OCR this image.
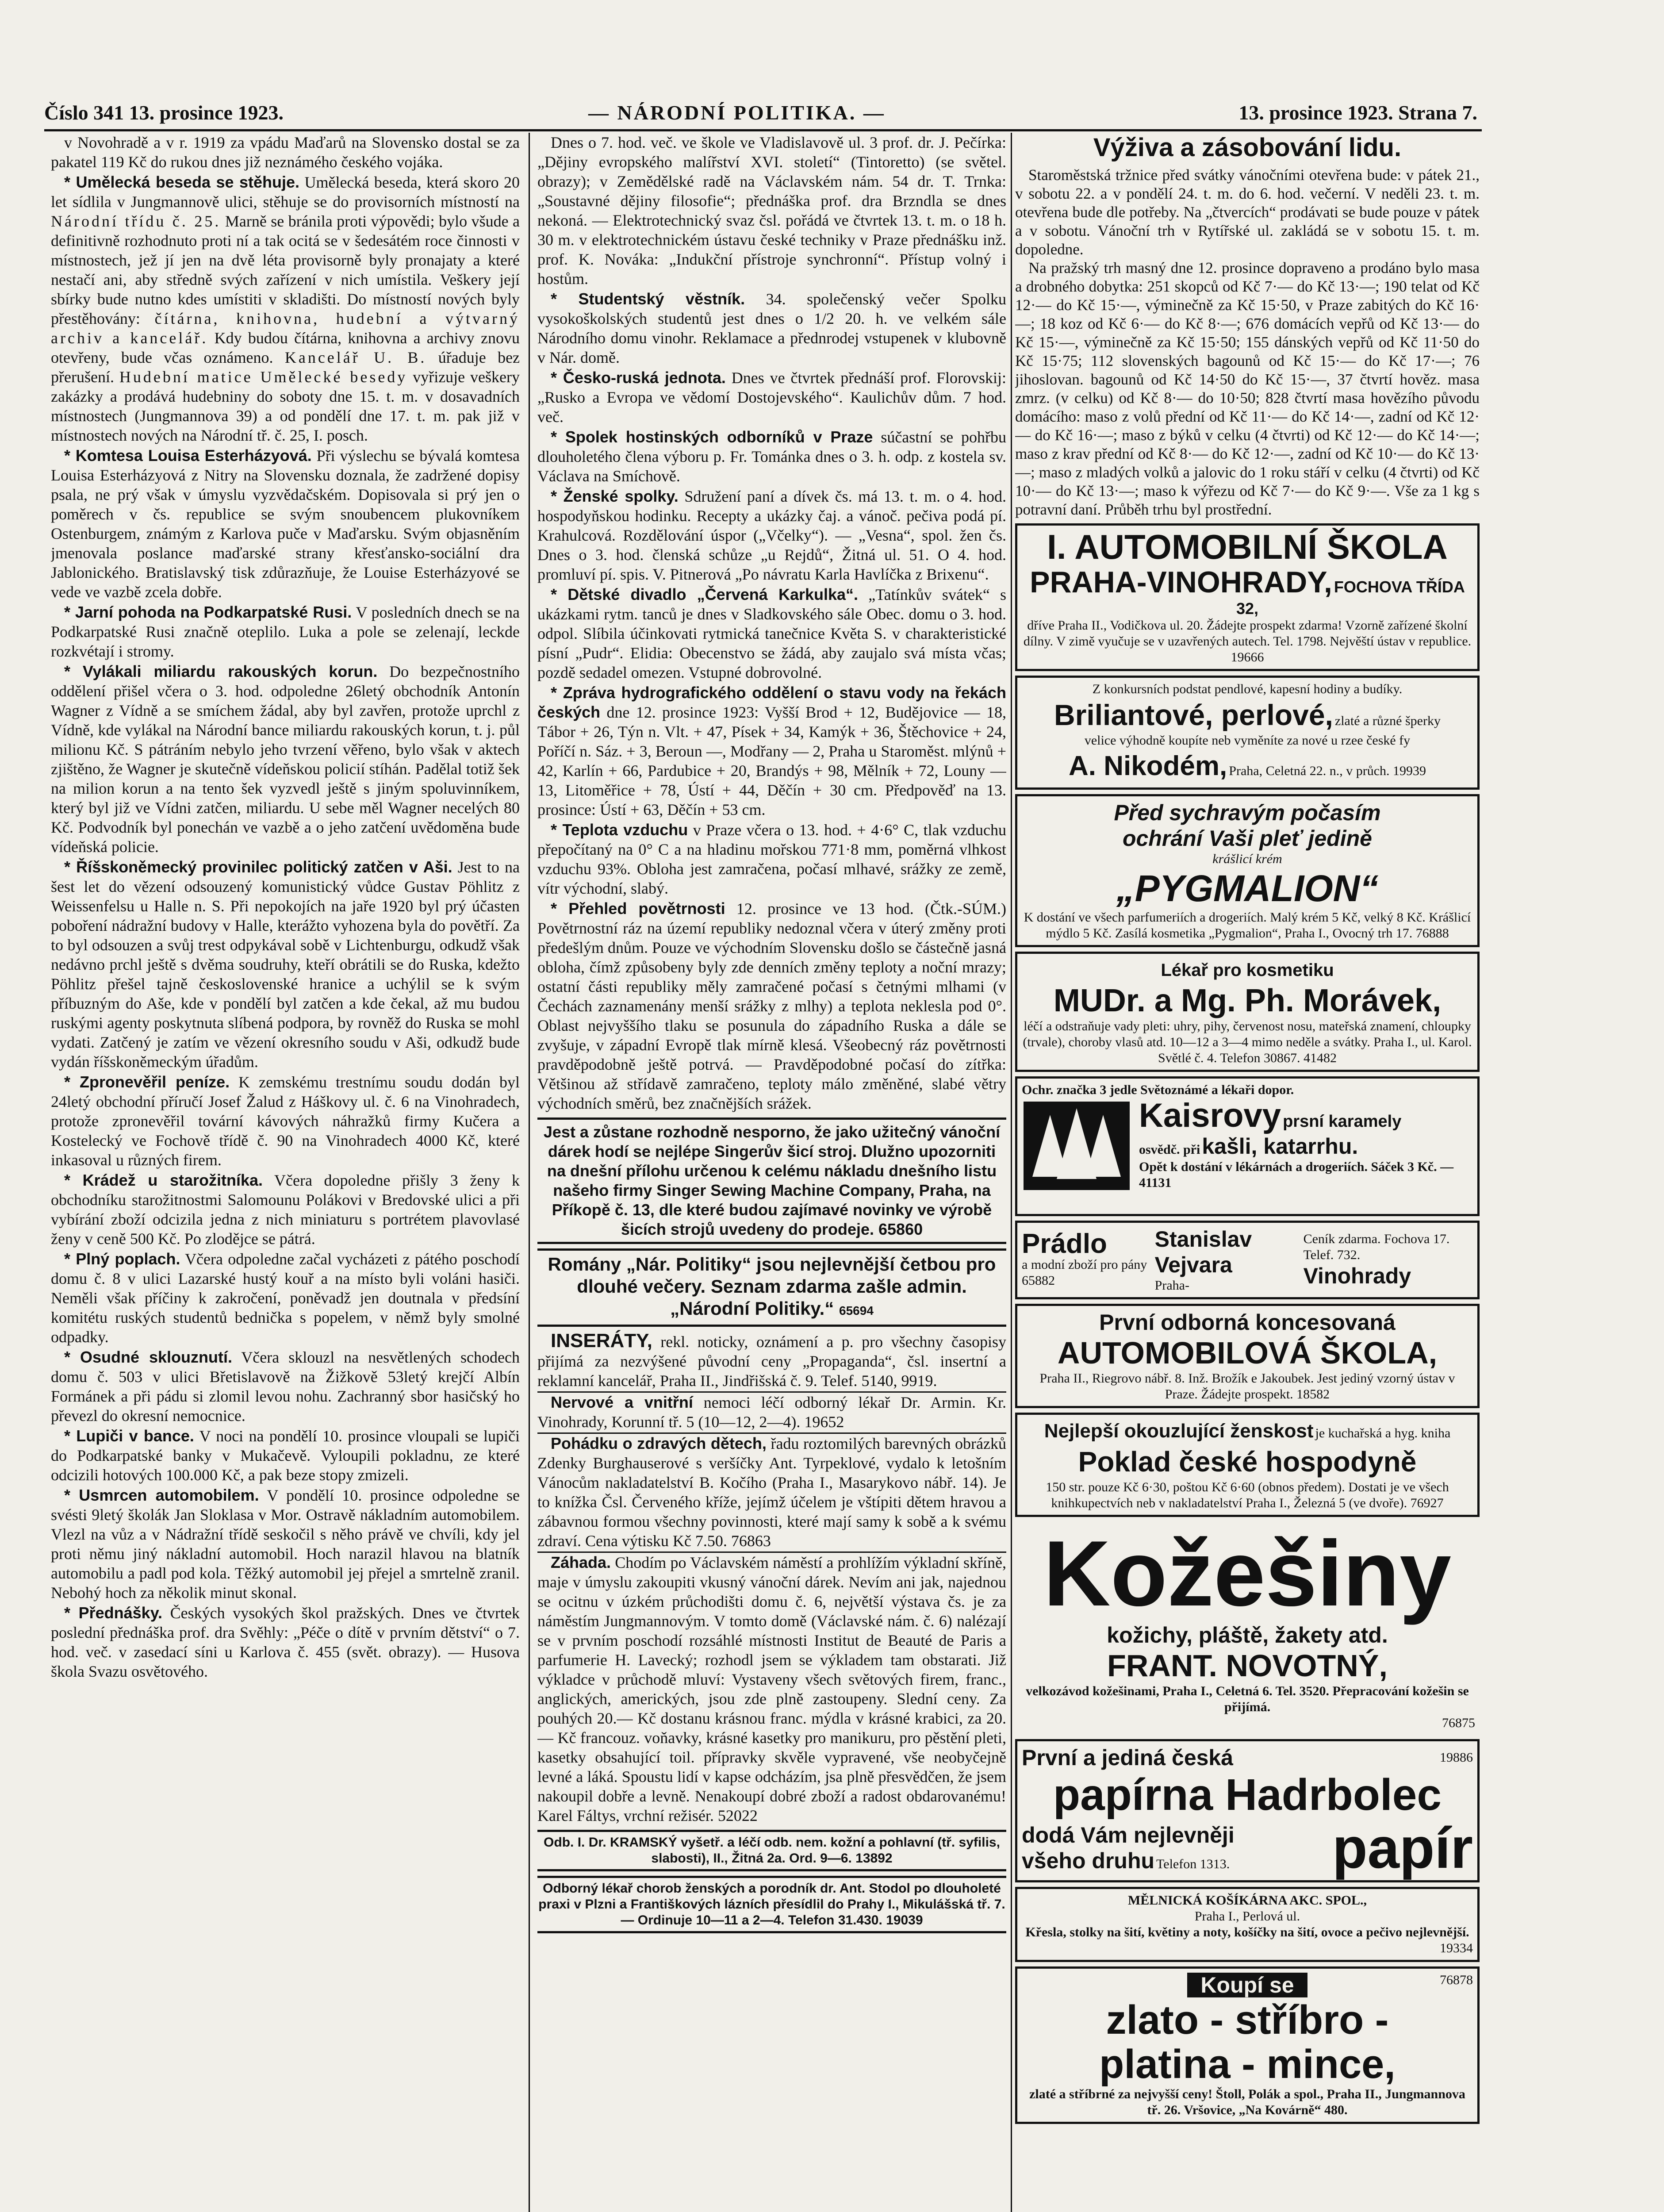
Číslo 341 13. prosince 1923.	— NÁRODNÍ POLITIKA. —	13. prosince 1923. Strana 7.

v Novohradě a v r. 1919 za vpádu Maďarů na Slovensko dostal se za pakatel 119 Kč do rukou dnes již neznámého českého vojáka.

* Umělecká beseda se stěhuje. Umělecká beseda, která skoro 20 let sídlila v Jungmannově ulici, stěhuje se do provisorních místností na Národní třídu č. 25. Marně se bránila proti výpovědi; bylo všude a definitivně rozhodnuto proti ní a tak ocitá se v šedesátém roce činnosti v místnostech, jež jí jen na dvě léta provisorně byly pronajaty a které nestačí ani, aby středně svých zařízení v nich umístila. Veškery její sbírky bude nutno kdes umístiti v skladišti. Do místností nových byly přestěhovány: čítárna, knihovna, hudební a výtvarný archiv a kancelář. Kdy budou čítárna, knihovna a archivy znovu otevřeny, bude včas oznámeno. Kancelář U. B. úřaduje bez přerušení. Hudební matice Umělecké besedy vyřizuje veškery zakázky a prodává hudebniny do soboty dne 15. t. m. v dosavadních místnostech (Jungmannova 39) a od pondělí dne 17. t. m. pak již v místnostech nových na Národní tř. č. 25, I. posch.

* Komtesa Louisa Esterházyová. Při výslechu se bývalá komtesa Louisa Esterházyová z Nitry na Slovensku doznala, že zadržené dopisy psala, ne prý však v úmyslu vyzvědačském. Dopisovala si prý jen o poměrech v čs. republice se svým snoubencem plukovníkem Ostenburgem, známým z Karlova puče v Maďarsku. Svým objasněním jmenovala poslance maďarské strany křesťansko-sociální dra Jablonického. Bratislavský tisk zdůrazňuje, že Louise Esterházyové se vede ve vazbě zcela dobře.

* Jarní pohoda na Podkarpatské Rusi. V posledních dnech se na Podkarpatské Rusi značně oteplilo. Luka a pole se zelenají, leckde rozkvétají i stromy.

* Vylákali miliardu rakouských korun. Do bezpečnostního oddělení přišel včera o 3. hod. odpoledne 26letý obchodník Antonín Wagner z Vídně a se smíchem žádal, aby byl zavřen, protože uprchl z Vídně, kde vylákal na Národní bance miliardu rakouských korun, t. j. půl milionu Kč. S pátráním nebylo jeho tvrzení věřeno, bylo však v aktech zjištěno, že Wagner je skutečně vídeňskou policií stíhán. Padělal totiž šek na milion korun a na tento šek vyzvedl ještě s jiným spoluvinníkem, který byl již ve Vídni zatčen, miliardu. U sebe měl Wagner necelých 80 Kč. Podvodník byl ponechán ve vazbě a o jeho zatčení uvědoměna bude vídeňská policie.

* Říšskoněmecký provinilec politický zatčen v Aši. Jest to na šest let do vězení odsouzený komunistický vůdce Gustav Pöhlitz z Weissenfelsu u Halle n. S. Při nepokojích na jaře 1920 byl prý účasten poboření nádražní budovy v Halle, kterážto vyhozena byla do povětří. Za to byl odsouzen a svůj trest odpykával sobě v Lichtenburgu, odkudž však nedávno prchl ještě s dvěma soudruhy, kteří obrátili se do Ruska, kdežto Pöhlitz přešel tajně československé hranice a uchýlil se k svým příbuzným do Aše, kde v pondělí byl zatčen a kde čekal, až mu budou ruskými agenty poskytnuta slíbená podpora, by rovněž do Ruska se mohl vydati. Zatčený je zatím ve vězení okresního soudu v Aši, odkudž bude vydán říšskoněmeckým úřadům.

* Zpronevěřil peníze. K zemskému trestnímu soudu dodán byl 24letý obchodní příručí Josef Žalud z Háškovy ul. č. 6 na Vinohradech, protože zpronevěřil tovární kávových náhražků firmy Kučera a Kostelecký ve Fochově třídě č. 90 na Vinohradech 4000 Kč, které inkasoval u různých firem.

* Krádež u starožitníka. Včera dopoledne přišly 3 ženy k obchodníku starožitnostmi Salomounu Polákovi v Bredovské ulici a při vybírání zboží odcizila jedna z nich miniaturu s portrétem plavovlasé ženy v ceně 500 Kč. Po zlodějce se pátrá.

* Plný poplach. Včera odpoledne začal vycházeti z pátého poschodí domu č. 8 v ulici Lazarské hustý kouř a na místo byli voláni hasiči. Neměli však příčiny k zakročení, poněvadž jen doutnala v předsíní komitétu ruských studentů bednička s popelem, v němž byly smolné odpadky.

* Osudné sklouznutí. Včera sklouzl na nesvětlených schodech domu č. 503 v ulici Břetislavově na Žižkově 53letý krejčí Albín Formánek a při pádu si zlomil levou nohu. Zachranný sbor hasičský ho převezl do okresní nemocnice.

* Lupiči v bance. V noci na pondělí 10. prosince vloupali se lupiči do Podkarpatské banky v Mukačevě. Vyloupili pokladnu, ze které odcizili hotových 100.000 Kč, a pak beze stopy zmizeli.

* Usmrcen automobilem. V pondělí 10. prosince odpoledne se svésti 9letý školák Jan Sloklasa v Mor. Ostravě nákladním automobilem. Vlezl na vůz a v Nádražní třídě seskočil s něho právě ve chvíli, kdy jel proti němu jiný nákladní automobil. Hoch narazil hlavou na blatník automobilu a padl pod kola. Těžký automobil jej přejel a smrtelně zranil. Nebohý hoch za několik minut skonal.

* Přednášky. Českých vysokých škol pražských. Dnes ve čtvrtek poslední přednáška prof. dra Svěhly: „Péče o dítě v prvním dětství“ o 7. hod. več. v zasedací síni u Karlova č. 455 (svět. obrazy). — Husova škola Svazu osvětového.

Dnes o 7. hod. več. ve škole ve Vladislavově ul. 3 prof. dr. J. Pečírka: „Dějiny evropského malířství XVI. století“ (Tintoretto) (se světel. obrazy); v Zemědělské radě na Václavském nám. 54 dr. T. Trnka: „Soustavné dějiny filosofie“; přednáška prof. dra Brzndla se dnes nekoná. — Elektrotechnický svaz čsl. pořádá ve čtvrtek 13. t. m. o 18 h. 30 m. v elektrotechnickém ústavu české techniky v Praze přednášku inž. prof. K. Nováka: „Indukční přístroje synchronní“. Přístup volný i hostům.

* Studentský věstník. 34. společenský večer Spolku vysokoškolských studentů jest dnes o 1/2 20. h. ve velkém sále Národního domu vinohr. Reklamace a přednrodej vstupenek v klubovně v Nár. domě.

* Česko-ruská jednota. Dnes ve čtvrtek přednáší prof. Florovskij: „Rusko a Evropa ve vědomí Dostojevského“. Kaulichův dům. 7 hod. več.

* Spolek hostinských odborníků v Praze súčastní se pohřbu dlouholetého člena výboru p. Fr. Tománka dnes o 3. h. odp. z kostela sv. Václava na Smíchově.

* Ženské spolky. Sdružení paní a dívek čs. má 13. t. m. o 4. hod. hospodyňskou hodinku. Recepty a ukázky čaj. a vánoč. pečiva podá pí. Krahulcová. Rozdělování úspor („Včelky“). — „Vesna“, spol. žen čs. Dnes o 3. hod. členská schůze „u Rejdů“, Žitná ul. 51. O 4. hod. promluví pí. spis. V. Pitnerová „Po návratu Karla Havlíčka z Brixenu“.

* Dětské divadlo „Červená Karkulka“. „Tatínkův svátek“ s ukázkami rytm. tanců je dnes v Sladkovského sále Obec. domu o 3. hod. odpol. Slíbila účinkovati rytmická tanečnice Květa S. v charakteristické písní „Pudr“. Elidia: Obecenstvo se žádá, aby zaujalo svá místa včas; pozdě sedadel omezen. Vstupné dobrovolné.

* Zpráva hydrografického oddělení o stavu vody na řekách českých dne 12. prosince 1923: Vyšší Brod + 12, Budějovice — 18, Tábor + 26, Týn n. Vlt. + 47, Písek + 34, Kamýk + 36, Štěchovice + 24, Poříčí n. Sáz. + 3, Beroun —, Modřany — 2, Praha u Staroměst. mlýnů + 42, Karlín + 66, Pardubice + 20, Brandýs + 98, Mělník + 72, Louny — 13, Litoměřice + 78, Ústí + 44, Děčín + 30 cm. Předpověď na 13. prosince: Ústí + 63, Děčín + 53 cm.

* Teplota vzduchu v Praze včera o 13. hod. + 4·6° C, tlak vzduchu přepočítaný na 0° C a na hladinu mořskou 771·8 mm, poměrná vlhkost vzduchu 93%. Obloha jest zamračena, počasí mlhavé, srážky ze země, vítr východní, slabý.

* Přehled povětrnosti 12. prosince ve 13 hod. (Čtk.-SÚM.) Povětrnostní ráz na území republiky nedoznal včera v úterý změny proti předešlým dnům. Pouze ve východním Slovensku došlo se částečně jasná obloha, čímž způsobeny byly zde denních změny teploty a noční mrazy; ostatní části republiky měly zamračené počasí s četnými mlhami (v Čechách zaznamenány menší srážky z mlhy) a teplota neklesla pod 0°. Oblast nejvyššího tlaku se posunula do západního Ruska a dále se zvyšuje, v západní Evropě tlak mírně klesá. Všeobecný ráz povětrnosti pravděpodobně ještě potrvá. — Pravděpodobné počasí do zítřka: Většinou až střídavě zamračeno, teploty málo změněné, slabé větry východních směrů, bez značnějších srážek.

Jest a zůstane rozhodně nesporno, že jako užitečný vánoční dárek hodí se nejlépe Singerův šicí stroj. Dlužno upozorniti na dnešní přílohu určenou k celému nákladu dnešního listu našeho firmy Singer Sewing Machine Company, Praha, na Příkopě č. 13, dle které budou zajímavé novinky ve výrobě šicích strojů uvedeny do prodeje. 65860

Romány „Nár. Politiky“ jsou nejlevnější četbou pro dlouhé večery. Seznam zdarma zašle admin. „Národní Politiky.“ 65694

INSERÁTY, rekl. noticky, oznámení a p. pro všechny časopisy přijímá za nezvýšené původní ceny „Propaganda“, čsl. insertní a reklamní kancelář, Praha II., Jindřišská č. 9. Telef. 5140, 9919.

Nervové a vnitřní nemoci léčí odborný lékař Dr. Armin. Kr. Vinohrady, Korunní tř. 5 (10—12, 2—4). 19652

Pohádku o zdravých dětech, řadu roztomilých barevných obrázků Zdenky Burghauserové s veršíčky Ant. Tyrpeklové, vydalo k letošním Vánocům nakladatelství B. Kočího (Praha I., Masarykovo nábř. 14). Je to knížka Čsl. Červeného kříže, jejímž účelem je vštípiti dětem hravou a zábavnou formou všechny povinnosti, které mají samy k sobě a k svému zdraví. Cena výtisku Kč 7.50. 76863

Záhada. Chodím po Václavském náměstí a prohlížím výkladní skříně, maje v úmyslu zakoupiti vkusný vánoční dárek. Nevím ani jak, najednou se ocitnu v úzkém průchodišti domu č. 6, největší výstava čs. je za náměstím Jungmannovým. V tomto domě (Václavské nám. č. 6) nalézají se v prvním poschodí rozsáhlé místnosti Institut de Beauté de Paris a parfumerie H. Lavecký; rozhodl jsem se výkladem tam obstarati. Již výkladce v průchodě mluví: Vystaveny všech světových firem, franc., anglických, amerických, jsou zde plně zastoupeny. Slední ceny. Za pouhých 20.— Kč dostanu krásnou franc. mýdla v krásné krabici, za 20.— Kč francouz. voňavky, krásné kasetky pro manikuru, pro pěstění pleti, kasetky obsahující toil. přípravky skvěle vypravené, vše neobyčejně levné a láká. Spoustu lidí v kapse odcházím, jsa plně přesvědčen, že jsem nakoupil dobře a levně. Nenakoupí dobré zboží a radost obdarovanému! Karel Fáltys, vrchní režisér. 52022

Odb. I. Dr. KRAMSKÝ vyšetř. a léčí odb. nem. kožní a pohlavní (tř. syfilis, slabosti), II., Žitná 2a. Ord. 9—6. 13892

Odborný lékař chorob ženských a porodník dr. Ant. Stodol po dlouholeté praxi v Plzni a Františkových lázních přesídlil do Prahy I., Mikulášská tř. 7. — Ordinuje 10—11 a 2—4. Telefon 31.430. 19039

Výživa a zásobování lidu.

Staroměstská tržnice před svátky vánočními otevřena bude: v pátek 21., v sobotu 22. a v pondělí 24. t. m. do 6. hod. večerní. V neděli 23. t. m. otevřena bude dle potřeby. Na „čtvercích“ prodávati se bude pouze v pátek a v sobotu. Vánoční trh v Rytířské ul. zakládá se v sobotu 15. t. m. dopoledne.

Na pražský trh masný dne 12. prosince dopraveno a prodáno bylo masa a drobného dobytka: 251 skopců od Kč 7·— do Kč 13·—; 190 telat od Kč 12·— do Kč 15·—, výminečně za Kč 15·50, v Praze zabitých do Kč 16·—; 18 koz od Kč 6·— do Kč 8·—; 676 domácích vepřů od Kč 13·— do Kč 15·—, výminečně za Kč 15·50; 155 dánských vepřů od Kč 11·50 do Kč 15·75; 112 slovenských bagounů od Kč 15·— do Kč 17·—; 76 jihoslovan. bagounů od Kč 14·50 do Kč 15·—, 37 čtvrtí hověz. masa zmrz. (v celku) od Kč 8·— do 10·50; 828 čtvrtí masa hovězího původu domácího: maso z volů přední od Kč 11·— do Kč 14·—, zadní od Kč 12·— do Kč 16·—; maso z býků v celku (4 čtvrti) od Kč 12·— do Kč 14·—; maso z krav přední od Kč 8·— do Kč 12·—, zadní od Kč 10·— do Kč 13·—; maso z mladých volků a jalovic do 1 roku stáří v celku (4 čtvrti) od Kč 10·— do Kč 13·—; maso k výřezu od Kč 7·— do Kč 9·—. Vše za 1 kg s potravní daní. Průběh trhu byl prostřední.

I. AUTOMOBILNÍ ŠKOLA
PRAHA-VINOHRADY, FOCHOVA TŘÍDA 32,
dříve Praha II., Vodičkova ul. 20. Žádejte prospekt zdarma! Vzorně zařízené školní dílny. V zimě vyučuje se v uzavřených autech. Tel. 1798. Nejvěští ústav v republice. 19666
Z konkursních podstat pendlové, kapesní hodiny a budíky.
Briliantové, perlové, zlaté a různé šperky
velice výhodně koupíte neb vyměníte za nové u rzee české fy
A. Nikodém, Praha, Celetná 22. n., v průch. 19939
Před sychravým počasím
ochrání Vaši pleť jedině
krášlicí krém
„PYGMALION“
K dostání ve všech parfumeriích a drogeriích. Malý krém 5 Kč, velký 8 Kč. Krášlicí mýdlo 5 Kč. Zasílá kosmetika „Pygmalion“, Praha I., Ovocný trh 17. 76888
Lékař pro kosmetiku
MUDr. a Mg. Ph. Morávek,
léčí a odstraňuje vady pleti: uhry, pihy, červenost nosu, mateřská znamení, chloupky (trvale), choroby vlasů atd. 10—12 a 3—4 mimo neděle a svátky. Praha I., ul. Karol. Světlé č. 4. Telefon 30867. 41482
Ochr. značka 3 jedle Světoznámé a lékaři dopor.
Kaisrovy prsní karamely
osvědč. při kašli, katarrhu.
Opět k dostání v lékárnách a drogeriích. Sáček 3 Kč. — 41131
Prádlo
a modní zboží pro pány 65882
Stanislav Vejvara
Praha-
Ceník zdarma. Fochova 17. Telef. 732.
Vinohrady
První odborná koncesovaná
AUTOMOBILOVÁ ŠKOLA,
Praha II., Riegrovo nábř. 8. Inž. Brožík e Jakoubek. Jest jediný vzorný ústav v Praze. Žádejte prospekt. 18582
Nejlepší okouzlující ženskost je kuchařská a hyg. kniha
Poklad české hospodyně
150 str. pouze Kč 6·30, poštou Kč 6·60 (obnos předem). Dostati je ve všech knihkupectvích neb v nakladatelství Praha I., Železná 5 (ve dvoře). 76927
Kožešiny
kožichy, pláště, žakety atd.
FRANT. NOVOTNÝ,
velkozávod kožešinami, Praha I., Celetná 6. Tel. 3520. Přepracování kožešin se přijímá.
76875
První a jediná česká	19886
papírna Hadrbolec
dodá Vám nejlevněji
všeho druhu Telefon 1313. papír
MĚLNICKÁ KOŠÍKÁRNA AKC. SPOL.,
Praha I., Perlová ul.
Křesla, stolky na šití, květiny a noty, košíčky na šití, ovoce a pečivo nejlevnější.
19334
Koupí se	76878
zlato - stříbro -
platina - mince,
zlaté a stříbrné za nejvyšší ceny! Štoll, Polák a spol., Praha II., Jungmannova tř. 26. Vršovice, „Na Kovárně“ 480.
